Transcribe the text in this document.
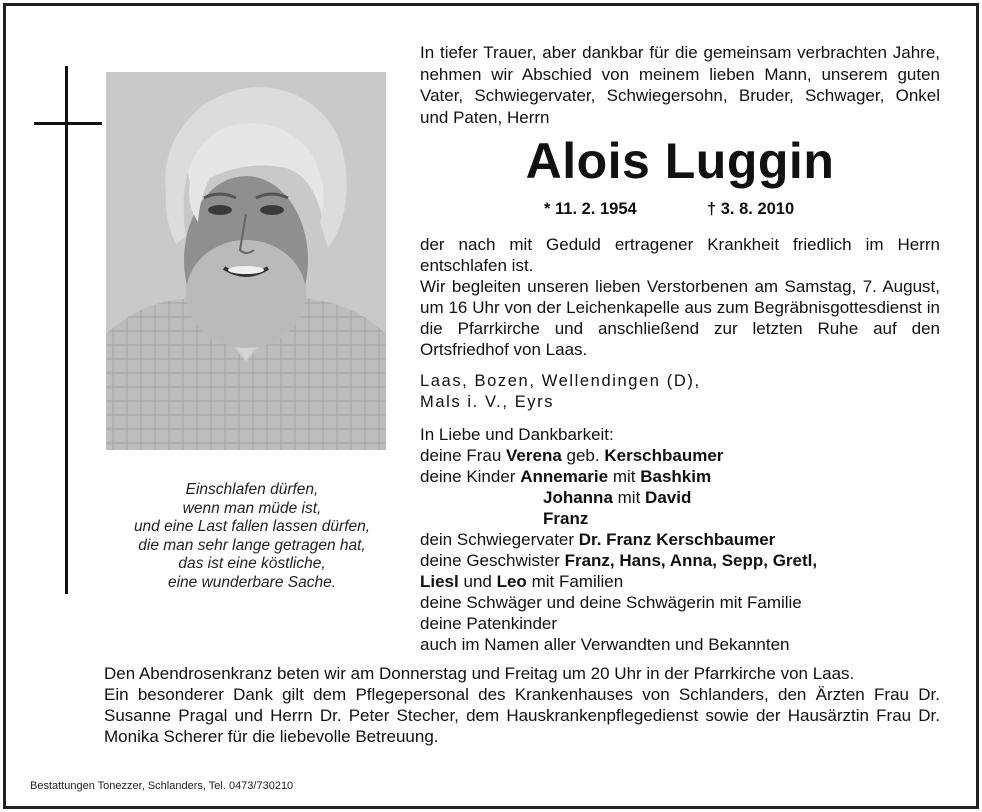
Einschlafen dürfen,
wenn man müde ist,
und eine Last fallen lassen dürfen,
die man sehr lange getragen hat,
das ist eine köstliche,
eine wunderbare Sache.
In tiefer Trauer, aber dankbar für die gemeinsam verbrachten Jahre, nehmen wir Abschied von meinem lieben Mann, unserem guten Vater, Schwiegervater, Schwiegersohn, Bruder, Schwager, Onkel und Paten, Herrn
Alois Luggin
* 11. 2. 1954	† 3. 8. 2010
der nach mit Geduld ertragener Krankheit friedlich im Herrn entschlafen ist.
Wir begleiten unseren lieben Verstorbenen am Samstag, 7. August, um 16 Uhr von der Leichenkapelle aus zum Begräbnisgottesdienst in die Pfarrkirche und anschließend zur letzten Ruhe auf den Ortsfriedhof von Laas.
Laas, Bozen, Wellendingen (D),
Mals i. V., Eyrs
In Liebe und Dankbarkeit:
deine Frau Verena geb. Kerschbaumer
deine Kinder Annemarie mit Bashkim
Johanna mit David
Franz
dein Schwiegervater Dr. Franz Kerschbaumer
deine Geschwister Franz, Hans, Anna, Sepp, Gretl,
Liesl und Leo mit Familien
deine Schwäger und deine Schwägerin mit Familie
deine Patenkinder
auch im Namen aller Verwandten und Bekannten
Den Abendrosenkranz beten wir am Donnerstag und Freitag um 20 Uhr in der Pfarrkirche von Laas.
Ein besonderer Dank gilt dem Pflegepersonal des Krankenhauses von Schlanders, den Ärzten Frau Dr. Susanne Pragal und Herrn Dr. Peter Stecher, dem Hauskrankenpflegedienst sowie der Hausärztin Frau Dr. Monika Scherer für die liebevolle Betreuung.
Bestattungen Tonezzer, Schlanders, Tel. 0473/730210
